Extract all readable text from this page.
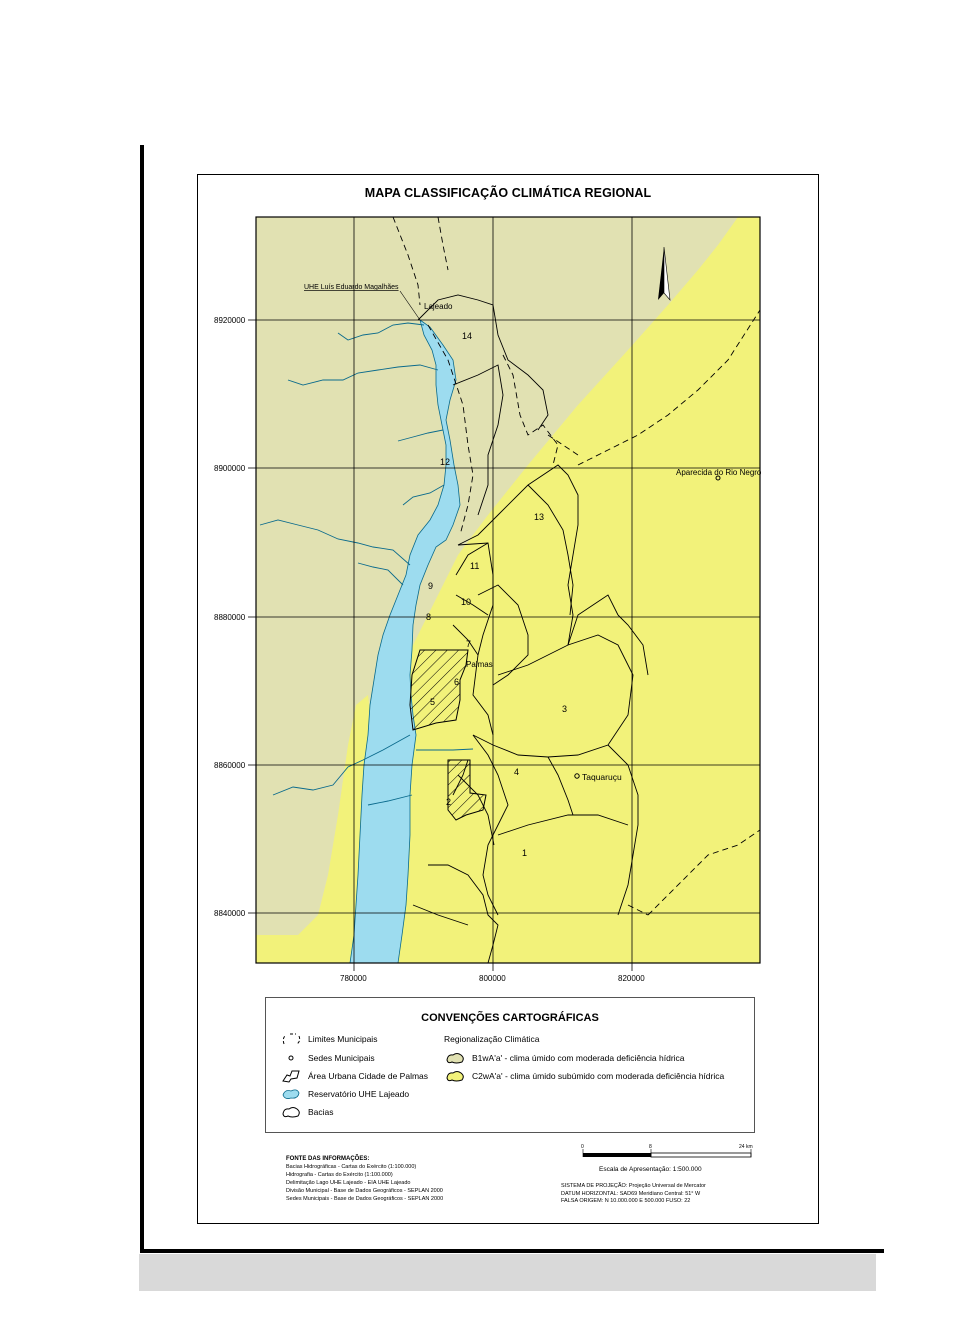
MAPA CLASSIFICAÇÃO CLIMÁTICA REGIONAL
8920000
8900000
8880000
8860000
8840000
780000	800000	820000
UHE Luís Eduardo Magalhães
Lajeado
Palmas
Taquaruçu
Aparecida do Rio Negro
1
2
3
4
5
6
7
8
9
10
11
12
13
14
CONVENÇÕES CARTOGRÁFICAS
Limites Municipais
Sedes Municipais
Área Urbana Cidade de Palmas
Reservatório UHE Lajeado
Bacias
Regionalização Climática
B1wA'a' - clima úmido com moderada deficiência hídrica
C2wA'a' - clima úmido subúmido com moderada deficiência hídrica
FONTE DAS INFORMAÇÕES:
Bacias Hidrográficas - Cartas do Exército (1:100.000)
Hidrografia - Cartas do Exército (1:100.000)
Delimitação Lago UHE Lajeado - EIA UHE Lajeado
Divisão Municipal - Base de Dados Geográficos - SEPLAN 2000
Sedes Municipais - Base de Dados Geográficos - SEPLAN 2000
0	8	24 km
Escala de Apresentação: 1:500.000
SISTEMA DE PROJEÇÃO: Projeção Universal de Mercator
DATUM HORIZONTAL: SAD69 Meridiano Central: 51° W
FALSA ORIGEM: N 10.000.000 E 500.000 FUSO: 22
